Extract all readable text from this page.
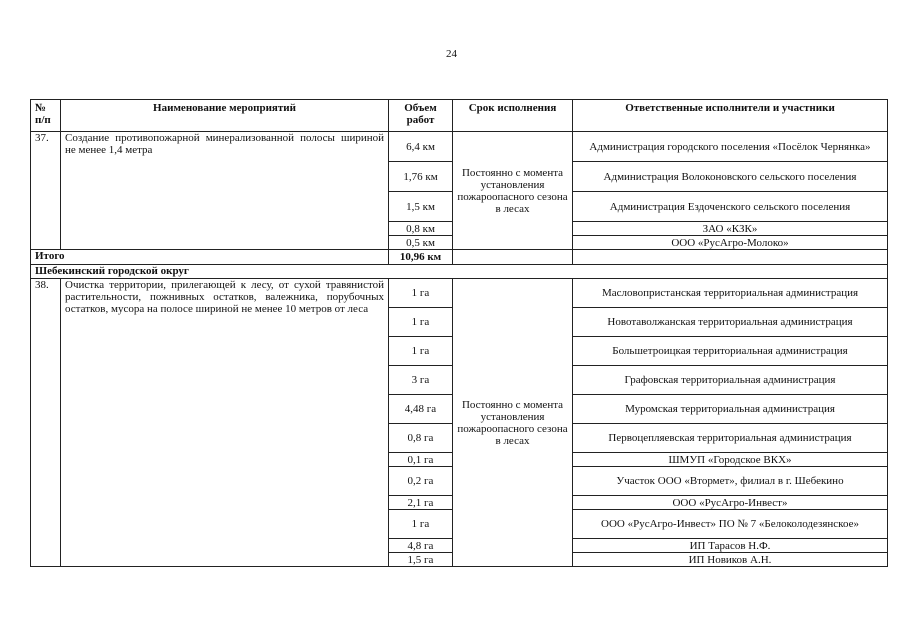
24
№ п/п	Наименование мероприятий	Объем работ	Срок исполнения	Ответственные исполнители и участники
37.	Создание противопожарной минерализованной полосы шириной не менее 1,4 метра	6,4 км	Постоянно с момента установления пожароопасного сезона в лесах	Администрация городского поселения «Посёлок Чернянка»
		1,76 км		Администрация Волоконовского сельского поселения
		1,5 км		Администрация Ездоченского сельского поселения
		0,8 км		ЗАО «КЗК»
		0,5 км		ООО «РусАгро-Молоко»
Итого		10,96 км		
Шебекинский городской округ				
38.	Очистка территории, прилегающей к лесу, от сухой травянистой растительности, пожнивных остатков, валежника, порубочных остатков, мусора на полосе шириной не менее 10 метров от леса	1 га	Постоянно с момента установления пожароопасного сезона в лесах	Масловопристанская территориальная администрация
		1 га		Новотаволжанская территориальная администрация
		1 га		Большетроицкая территориальная администрация
		3 га		Графовская территориальная администрация
		4,48 га		Муромская территориальная администрация
		0,8 га		Первоцепляевская территориальная администрация
		0,1 га		ШМУП «Городское ВКХ»
		0,2 га		Участок ООО «Втормет», филиал в г. Шебекино
		2,1 га		ООО «РусАгро-Инвест»
		1 га		ООО «РусАгро-Инвест» ПО № 7 «Белоколодезянское»
		4,8 га		ИП Тарасов Н.Ф.
		1,5 га		ИП Новиков А.Н.
